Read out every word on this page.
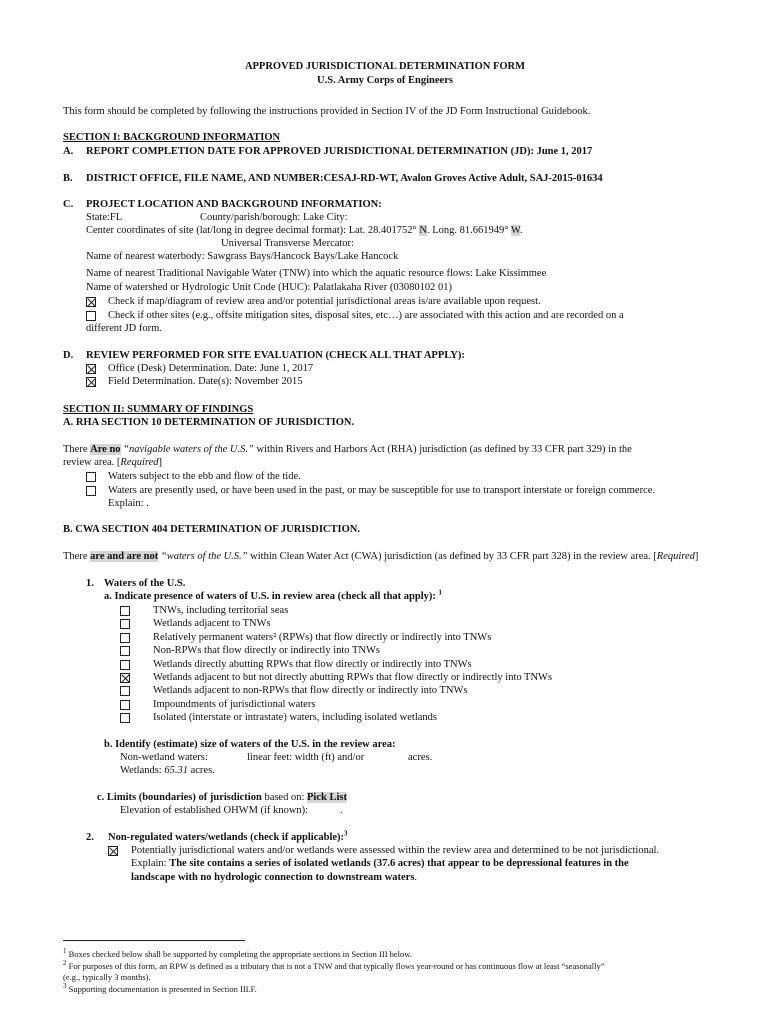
APPROVED JURISDICTIONAL DETERMINATION FORM
U.S. Army Corps of Engineers
This form should be completed by following the instructions provided in Section IV of the JD Form Instructional Guidebook.
SECTION I: BACKGROUND INFORMATION
A. REPORT COMPLETION DATE FOR APPROVED JURISDICTIONAL DETERMINATION (JD): June 1, 2017
B. DISTRICT OFFICE, FILE NAME, AND NUMBER:CESAJ-RD-WT, Avalon Groves Active Adult, SAJ-2015-01634
C. PROJECT LOCATION AND BACKGROUND INFORMATION:
State:FL	County/parish/borough: Lake City:
Center coordinates of site (lat/long in degree decimal format): Lat. 28.401752° N. Long. 81.661949° W.
Universal Transverse Mercator:
Name of nearest waterbody: Sawgrass Bays/Hancock Bays/Lake Hancock
Name of nearest Traditional Navigable Water (TNW) into which the aquatic resource flows: Lake Kissimmee
Name of watershed or Hydrologic Unit Code (HUC): Palatlakaha River (03080102 01)
Check if map/diagram of review area and/or potential jurisdictional areas is/are available upon request.
Check if other sites (e.g., offsite mitigation sites, disposal sites, etc…) are associated with this action and are recorded on a
different JD form.
D. REVIEW PERFORMED FOR SITE EVALUATION (CHECK ALL THAT APPLY):
Office (Desk) Determination. Date: June 1, 2017
Field Determination. Date(s): November 2015
SECTION II: SUMMARY OF FINDINGS
A. RHA SECTION 10 DETERMINATION OF JURISDICTION.
There Are no “navigable waters of the U.S.” within Rivers and Harbors Act (RHA) jurisdiction (as defined by 33 CFR part 329) in the
review area. [Required]
Waters subject to the ebb and flow of the tide.
Waters are presently used, or have been used in the past, or may be susceptible for use to transport interstate or foreign commerce.
Explain: .
B. CWA SECTION 404 DETERMINATION OF JURISDICTION.
There are and are not “waters of the U.S.” within Clean Water Act (CWA) jurisdiction (as defined by 33 CFR part 328) in the review area. [Required]
1. Waters of the U.S.
a. Indicate presence of waters of U.S. in review area (check all that apply): $^1$
TNWs, including territorial seas
Wetlands adjacent to TNWs
Relatively permanent waters² (RPWs) that flow directly or indirectly into TNWs
Non-RPWs that flow directly or indirectly into TNWs
Wetlands directly abutting RPWs that flow directly or indirectly into TNWs
Wetlands adjacent to but not directly abutting RPWs that flow directly or indirectly into TNWs
Wetlands adjacent to non-RPWs that flow directly or indirectly into TNWs
Impoundments of jurisdictional waters
Isolated (interstate or intrastate) waters, including isolated wetlands
b. Identify (estimate) size of waters of the U.S. in the review area:
Non-wetland waters:	linear feet: width (ft) and/or	acres.
Wetlands: 65.31 acres.
c. Limits (boundaries) of jurisdiction based on: Pick List
Elevation of established OHWM (if known):	.
2. Non-regulated waters/wetlands (check if applicable):$^3$
Potentially jurisdictional waters and/or wetlands were assessed within the review area and determined to be not jurisdictional.
Explain: The site contains a series of isolated wetlands (37.6 acres) that appear to be depressional features in the
landscape with no hydrologic connection to downstream waters.
$^1$ Boxes checked below shall be supported by completing the appropriate sections in Section III below.
$^2$ For purposes of this form, an RPW is defined as a tributary that is not a TNW and that typically flows year-round or has continuous flow at least “seasonally”
(e.g., typically 3 months).
$^3$ Supporting documentation is presented in Section III.F.
